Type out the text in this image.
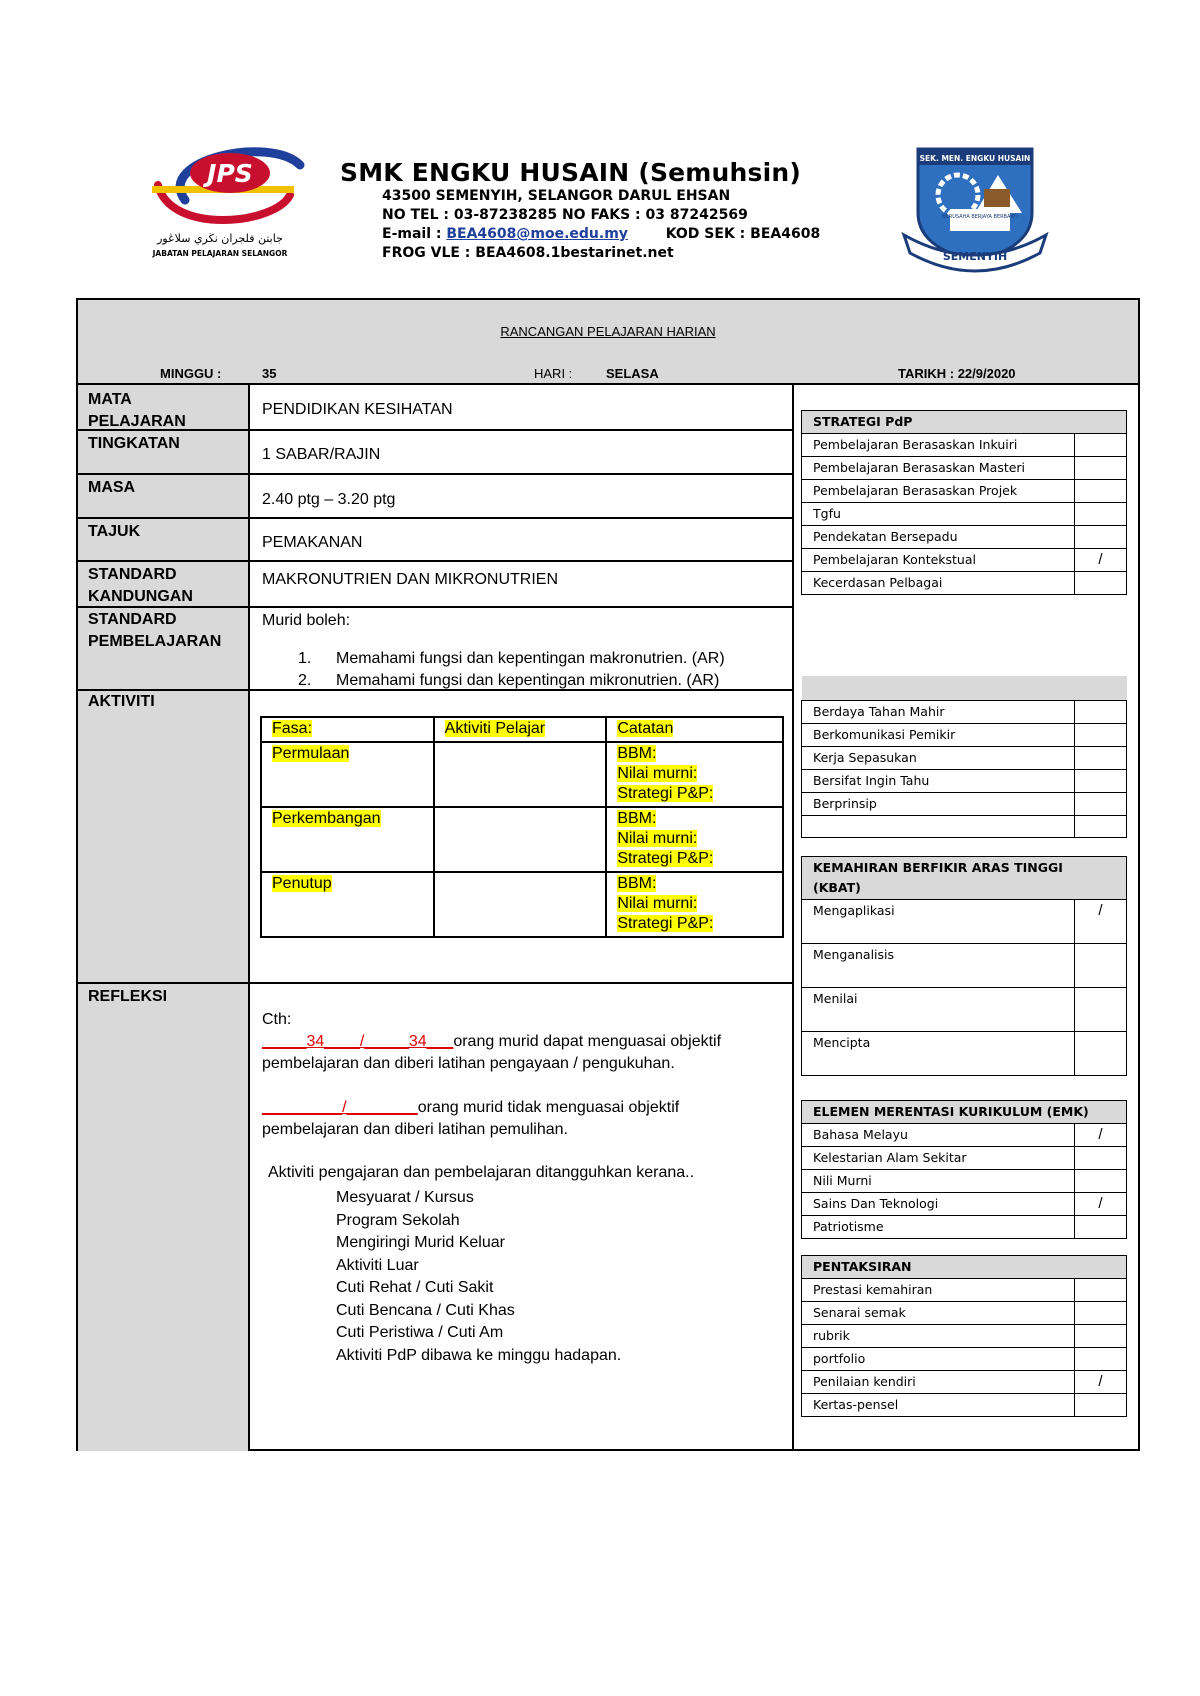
JPS
جابتن فلجران نڬري سلاڠور
JABATAN PELAJARAN SELANGOR
SMK ENGKU HUSAIN (Semuhsin)
43500 SEMENYIH, SELANGOR DARUL EHSAN
NO TEL : 03-87238285 NO FAKS : 03 87242569
E-mail : BEA4608@moe.edu.my	KOD SEK : BEA4608
FROG VLE : BEA4608.1bestarinet.net
SEK. MEN. ENGKU HUSAIN
BERUSAHA BERJAYA BERBAKTI
SEMENYIH
RANCANGAN PELAJARAN HARIAN
MINGGU :	35	HARI :	SELASA	TARIKH : 22/9/2020
MATA
PELAJARAN
PENDIDIKAN KESIHATAN
TINGKATAN
1 SABAR/RAJIN
MASA
2.40 ptg – 3.20 ptg
TAJUK
PEMAKANAN
STANDARD
KANDUNGAN
MAKRONUTRIEN DAN MIKRONUTRIEN
STANDARD
PEMBELAJARAN
Murid boleh:
1. Memahami fungsi dan kepentingan makronutrien. (AR)
2. Memahami fungsi dan kepentingan mikronutrien. (AR)
AKTIVITI
Fasa:	Aktiviti Pelajar	Catatan
Permulaan		BBM:
Nilai murni:
Strategi P&P:
Perkembangan		BBM:
Nilai murni:
Strategi P&P:
Penutup		BBM:
Nilai murni:
Strategi P&P:
REFLEKSI
Cth:
_____34____/_____34___orang murid dapat menguasai objektif
pembelajaran dan diberi latihan pengayaan / pengukuhan.
_________/________orang murid tidak menguasai objektif
pembelajaran dan diberi latihan pemulihan.
Aktiviti pengajaran dan pembelajaran ditangguhkan kerana..
Mesyuarat / Kursus
Program Sekolah
Mengiringi Murid Keluar
Aktiviti Luar
Cuti Rehat / Cuti Sakit
Cuti Bencana / Cuti Khas
Cuti Peristiwa / Cuti Am
Aktiviti PdP dibawa ke minggu hadapan.
STRATEGI PdP	
Pembelajaran Berasaskan Inkuiri	
Pembelajaran Berasaskan Masteri	
Pembelajaran Berasaskan Projek	
Tgfu	
Pendekatan Bersepadu	
Pembelajaran Kontekstual	/
Kecerdasan Pelbagai	

Berdaya Tahan Mahir	
Berkomunikasi Pemikir	
Kerja Sepasukan	
Bersifat Ingin Tahu	
Berprinsip	

KEMAHIRAN BERFIKIR ARAS TINGGI (KBAT)	
Mengaplikasi	/
Menganalisis	
Menilai	
Mencipta	
ELEMEN MERENTASI KURIKULUM (EMK)	
Bahasa Melayu	/
Kelestarian Alam Sekitar	
Nili Murni	
Sains Dan Teknologi	/
Patriotisme	
PENTAKSIRAN	
Prestasi kemahiran	
Senarai semak	
rubrik	
portfolio	
Penilaian kendiri	/
Kertas-pensel	
